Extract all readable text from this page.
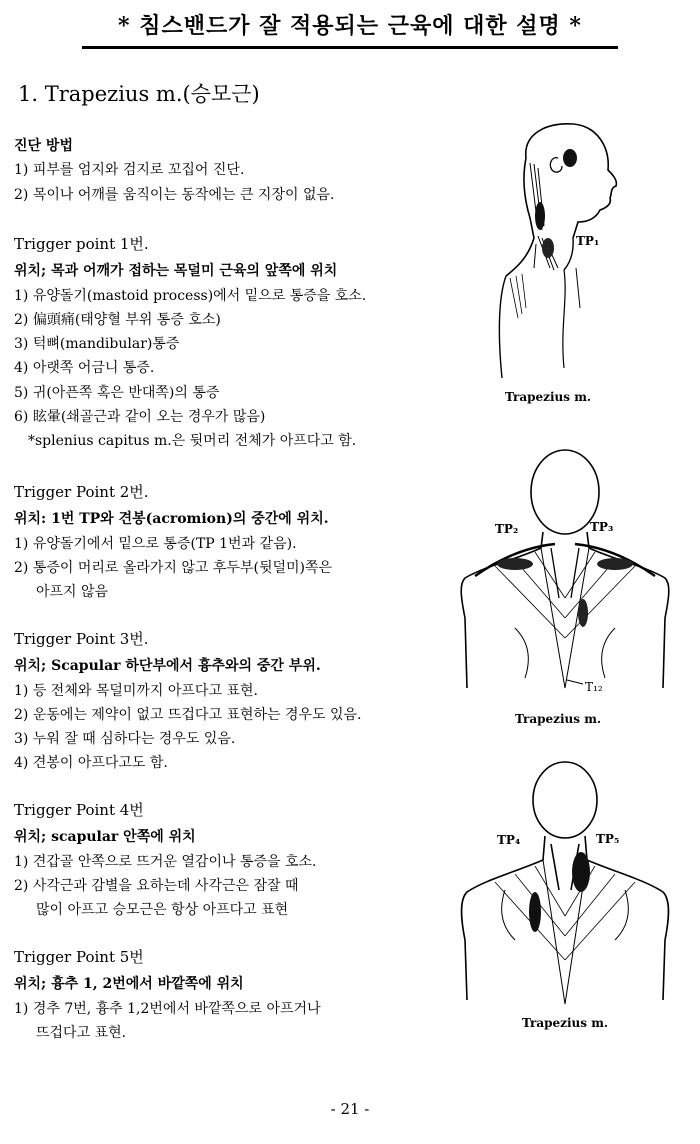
* 침스밴드가 잘 적용되는 근육에 대한 설명 *
1. Trapezius m.(승모근)
진단 방법
1) 피부를 엄지와 검지로 꼬집어 진단.
2) 목이나 어깨를 움직이는 동작에는 큰 지장이 없음.
Trigger point 1번.
위치; 목과 어깨가 접하는 목덜미 근육의 앞쪽에 위치
1) 유양돌기(mastoid process)에서 밑으로 통증을 호소.
2) 偏頭痛(태양혈 부위 통증 호소)
3) 턱뼈(mandibular)통증
4) 아랫쪽 어금니 통증.
5) 귀(아픈쪽 혹은 반대쪽)의 통증
6) 眩暈(쇄골근과 같이 오는 경우가 많음)
*splenius capitus m.은 뒷머리 전체가 아프다고 함.
Trigger Point 2번.
위치: 1번 TP와 견봉(acromion)의 중간에 위치.
1) 유양돌기에서 밑으로 통증(TP 1번과 같음).
2) 통증이 머리로 올라가지 않고 후두부(뒷덜미)쪽은
아프지 않음
Trigger Point 3번.
위치; Scapular 하단부에서 흉추와의 중간 부위.
1) 등 전체와 목덜미까지 아프다고 표현.
2) 운동에는 제약이 없고 뜨겁다고 표현하는 경우도 있음.
3) 누워 잘 때 심하다는 경우도 있음.
4) 견봉이 아프다고도 함.
Trigger Point 4번
위치; scapular 안쪽에 위치
1) 견갑골 안쪽으로 뜨거운 열감이나 통증을 호소.
2) 사각근과 감별을 요하는데 사각근은 잠잘 때
많이 아프고 승모근은 항상 아프다고 표현
Trigger Point 5번
위치; 흉추 1, 2번에서 바깥쪽에 위치
1) 경추 7번, 흉추 1,2번에서 바깥쪽으로 아프거나
뜨겁다고 표현.
TP₁
Trapezius m.
TP₂	TP₃
T₁₂
Trapezius m.
TP₄	TP₅
Trapezius m.
- 21 -
